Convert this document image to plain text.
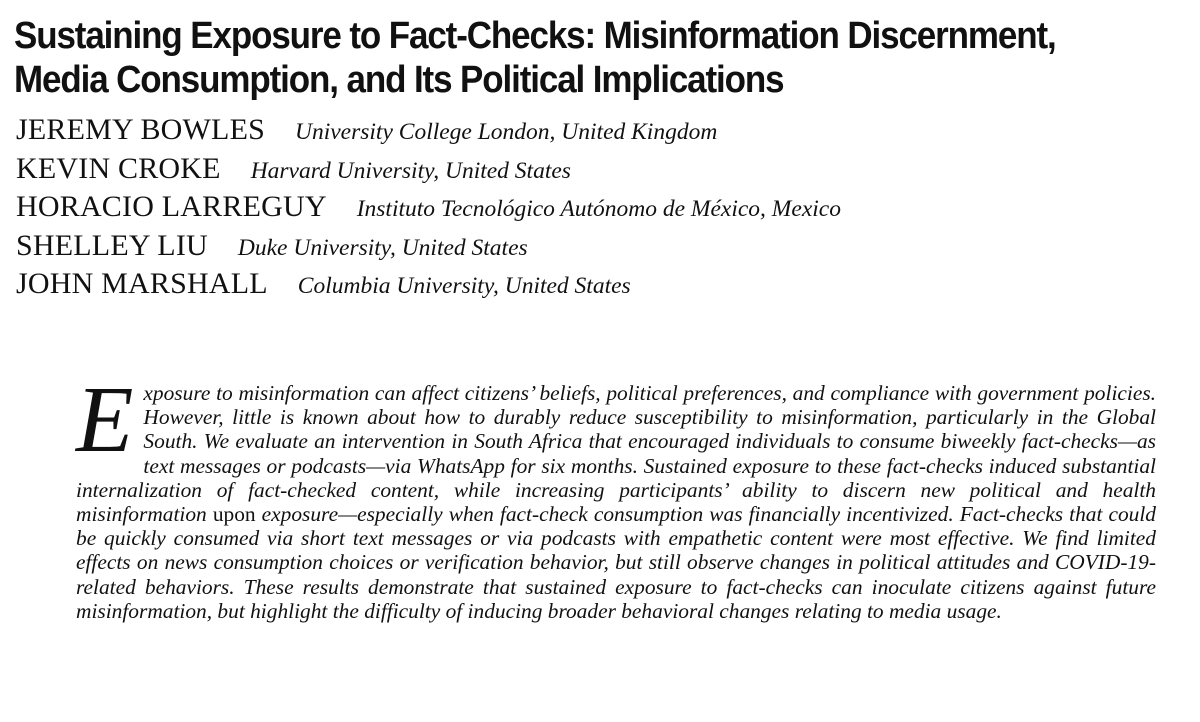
Sustaining Exposure to Fact-Checks: Misinformation Discernment,
Media Consumption, and Its Political Implications
JEREMY BOWLES University College London, United Kingdom
KEVIN CROKE Harvard University, United States
HORACIO LARREGUY Instituto Tecnológico Autónomo de México, Mexico
SHELLEY LIU Duke University, United States
JOHN MARSHALL Columbia University, United States

Exposure to misinformation can affect citizens’ beliefs, political preferences, and compliance with government policies. However, little is known about how to durably reduce susceptibility to misinformation, particularly in the Global South. We evaluate an intervention in South Africa that encouraged individuals to consume biweekly fact-checks—as text messages or podcasts—via WhatsApp for six months. Sustained exposure to these fact-checks induced substantial internalization of fact-checked content, while increasing participants’ ability to discern new political and health misinformation upon exposure—especially when fact-check consumption was financially incentivized. Fact-checks that could be quickly consumed via short text messages or via podcasts with empathetic content were most effective. We find limited effects on news consumption choices or verification behavior, but still observe changes in political attitudes and COVID-19-related behaviors. These results demonstrate that sustained exposure to fact-checks can inoculate citizens against future misinformation, but highlight the difficulty of inducing broader behavioral changes relating to media usage.
